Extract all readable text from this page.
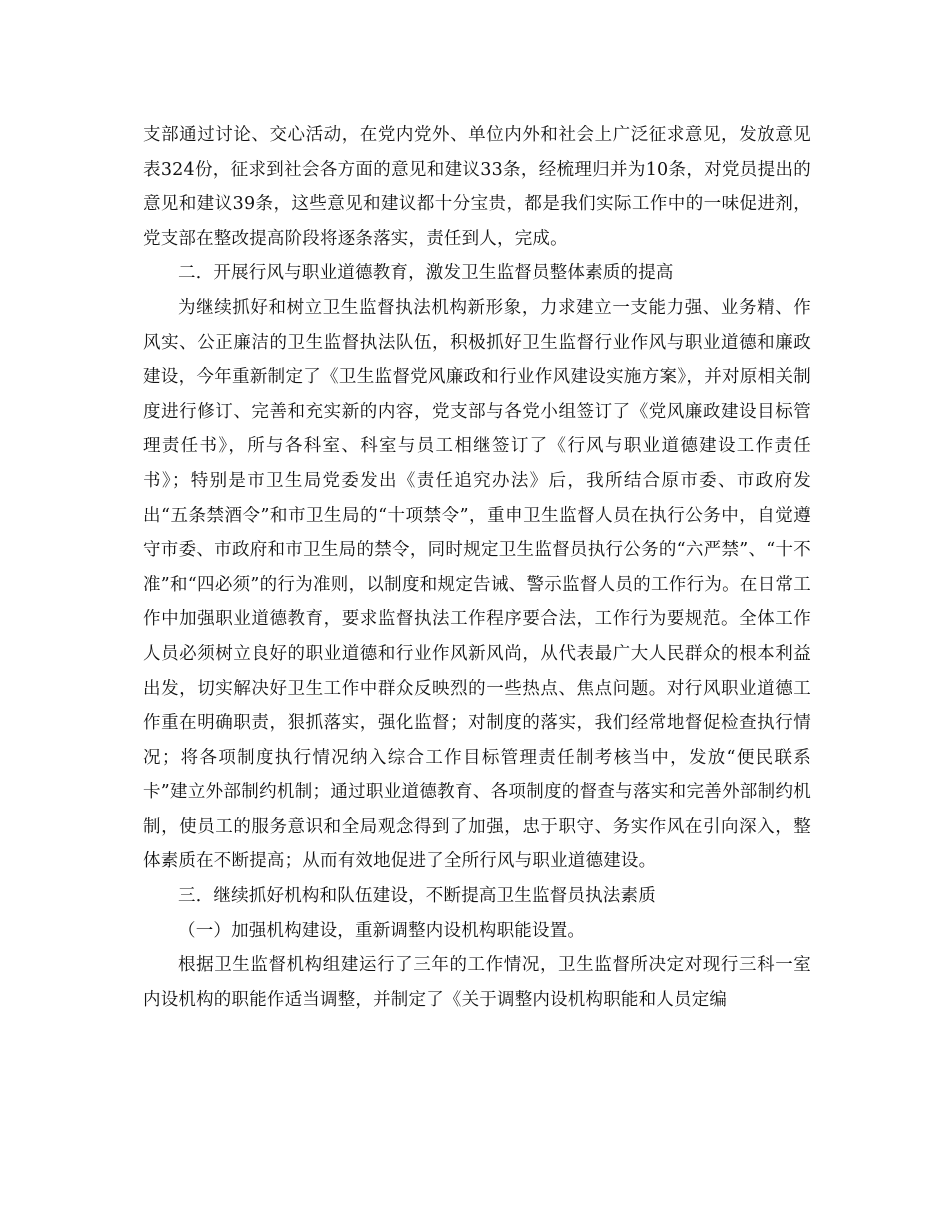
支部通过讨论、交心活动，在党内党外、单位内外和社会上广泛征求意见，发放意见表324份，征求到社会各方面的意见和建议33条，经梳理归并为10条，对党员提出的意见和建议39条，这些意见和建议都十分宝贵，都是我们实际工作中的一味促进剂，党支部在整改提高阶段将逐条落实，责任到人，完成。

二．开展行风与职业道德教育，激发卫生监督员整体素质的提高

为继续抓好和树立卫生监督执法机构新形象，力求建立一支能力强、业务精、作风实、公正廉洁的卫生监督执法队伍，积极抓好卫生监督行业作风与职业道德和廉政建设，今年重新制定了《卫生监督党风廉政和行业作风建设实施方案》，并对原相关制度进行修订、完善和充实新的内容，党支部与各党小组签订了《党风廉政建设目标管理责任书》，所与各科室、科室与员工相继签订了《行风与职业道德建设工作责任书》；特别是市卫生局党委发出《责任追究办法》后，我所结合原市委、市政府发出“五条禁酒令”和市卫生局的“十项禁令”，重申卫生监督人员在执行公务中，自觉遵守市委、市政府和市卫生局的禁令，同时规定卫生监督员执行公务的“六严禁”、“十不准”和“四必须”的行为准则，以制度和规定告诫、警示监督人员的工作行为。在日常工作中加强职业道德教育，要求监督执法工作程序要合法，工作行为要规范。全体工作人员必须树立良好的职业道德和行业作风新风尚，从代表最广大人民群众的根本利益出发，切实解决好卫生工作中群众反映烈的一些热点、焦点问题。对行风职业道德工作重在明确职责，狠抓落实，强化监督；对制度的落实，我们经常地督促检查执行情况；将各项制度执行情况纳入综合工作目标管理责任制考核当中，发放“便民联系卡”建立外部制约机制；通过职业道德教育、各项制度的督查与落实和完善外部制约机制，使员工的服务意识和全局观念得到了加强，忠于职守、务实作风在引向深入，整体素质在不断提高；从而有效地促进了全所行风与职业道德建设。

三．继续抓好机构和队伍建设，不断提高卫生监督员执法素质

（一）加强机构建设，重新调整内设机构职能设置。

根据卫生监督机构组建运行了三年的工作情况，卫生监督所决定对现行三科一室内设机构的职能作适当调整，并制定了《关于调整内设机构职能和人员定编
